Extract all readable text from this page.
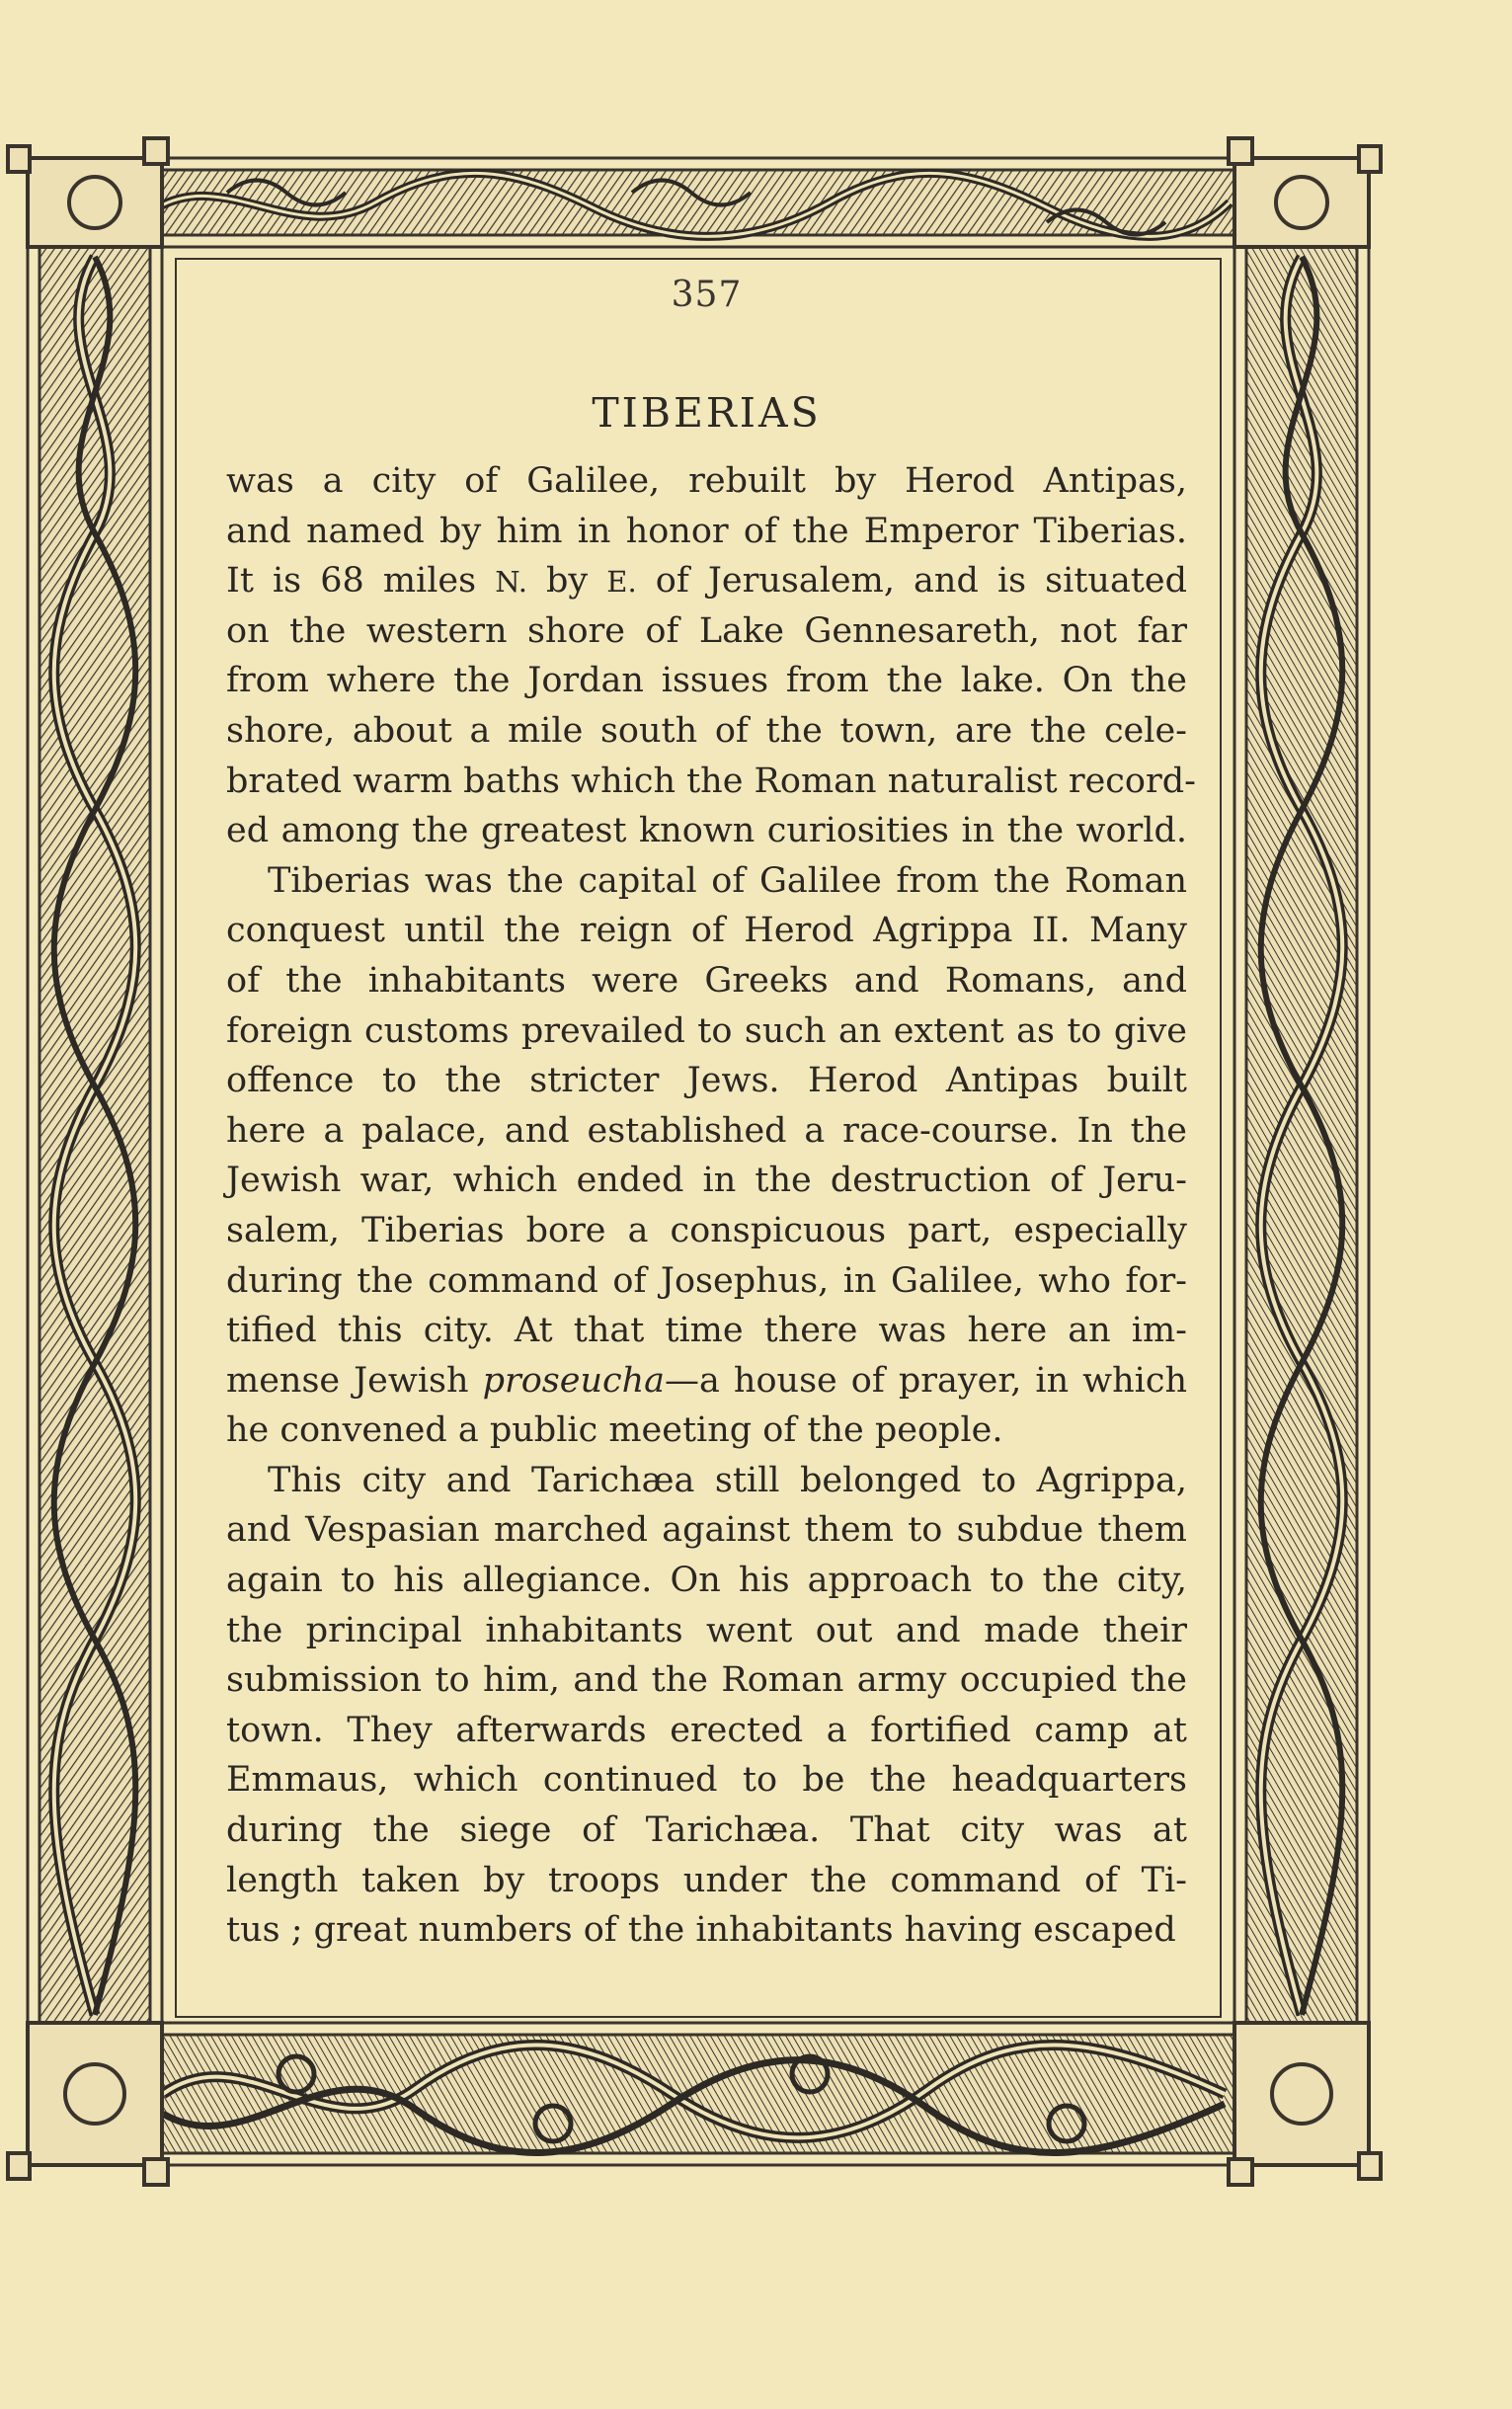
357
TIBERIAS
was a city of Galilee, rebuilt by Herod Antipas,
and named by him in honor of the Emperor Tiberias.
It is 68 miles N. by E. of Jerusalem, and is situated
on the western shore of Lake Gennesareth, not far
from where the Jordan issues from the lake. On the
shore, about a mile south of the town, are the cele-
brated warm baths which the Roman naturalist record-
ed among the greatest known curiosities in the world.
Tiberias was the capital of Galilee from the Roman
conquest until the reign of Herod Agrippa II. Many
of the inhabitants were Greeks and Romans, and
foreign customs prevailed to such an extent as to give
offence to the stricter Jews. Herod Antipas built
here a palace, and established a race-course. In the
Jewish war, which ended in the destruction of Jeru-
salem, Tiberias bore a conspicuous part, especially
during the command of Josephus, in Galilee, who for-
tified this city. At that time there was here an im-
mense Jewish proseucha—a house of prayer, in which
he convened a public meeting of the people.
This city and Tarichæa still belonged to Agrippa,
and Vespasian marched against them to subdue them
again to his allegiance. On his approach to the city,
the principal inhabitants went out and made their
submission to him, and the Roman army occupied the
town. They afterwards erected a fortified camp at
Emmaus, which continued to be the headquarters
during the siege of Tarichæa. That city was at
length taken by troops under the command of Ti-
tus ; great numbers of the inhabitants having escaped
